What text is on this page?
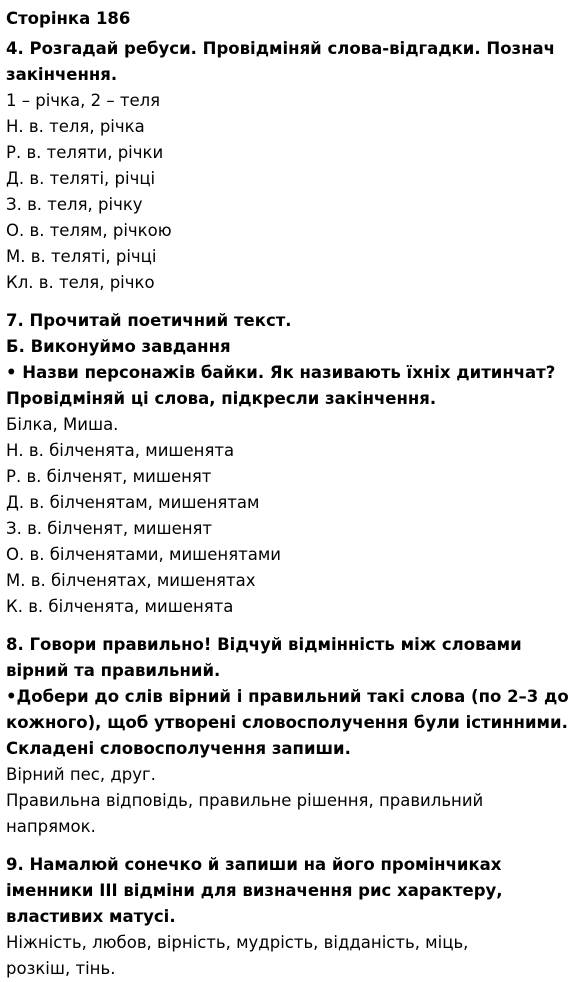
Сторінка 186
4. Розгадай ребуси. Провідміняй слова-відгадки. Познач
закінчення.
1 – річка, 2 – теля
Н. в. теля, річка
Р. в. теляти, річки
Д. в. теляті, річці
З. в. теля, річку
О. в. телям, річкою
М. в. теляті, річці
Кл. в. теля, річко
7. Прочитай поетичний текст.
Б. Виконуймо завдання
• Назви персонажів байки. Як називають їхніх дитинчат?
Провідміняй ці слова, підкресли закінчення.
Білка, Миша.
Н. в. білченята, мишенята
Р. в. білченят, мишенят
Д. в. білченятам, мишенятам
З. в. білченят, мишенят
О. в. білченятами, мишенятами
М. в. білченятах, мишенятах
К. в. білченята, мишенята
8. Говори правильно! Відчуй відмінність між словами
вірний та правильний.
•Добери до слів вірний і правильний такі слова (по 2–3 до
кожного), щоб утворені словосполучення були істинними.
Складені словосполучення запиши.
Вірний пес, друг.
Правильна відповідь, правильне рішення, правильний
напрямок.
9. Намалюй сонечко й запиши на його промінчиках
іменники III відміни для визначення рис характеру,
властивих матусі.
Ніжність, любов, вірність, мудрість, відданість, міць,
розкіш, тінь.
